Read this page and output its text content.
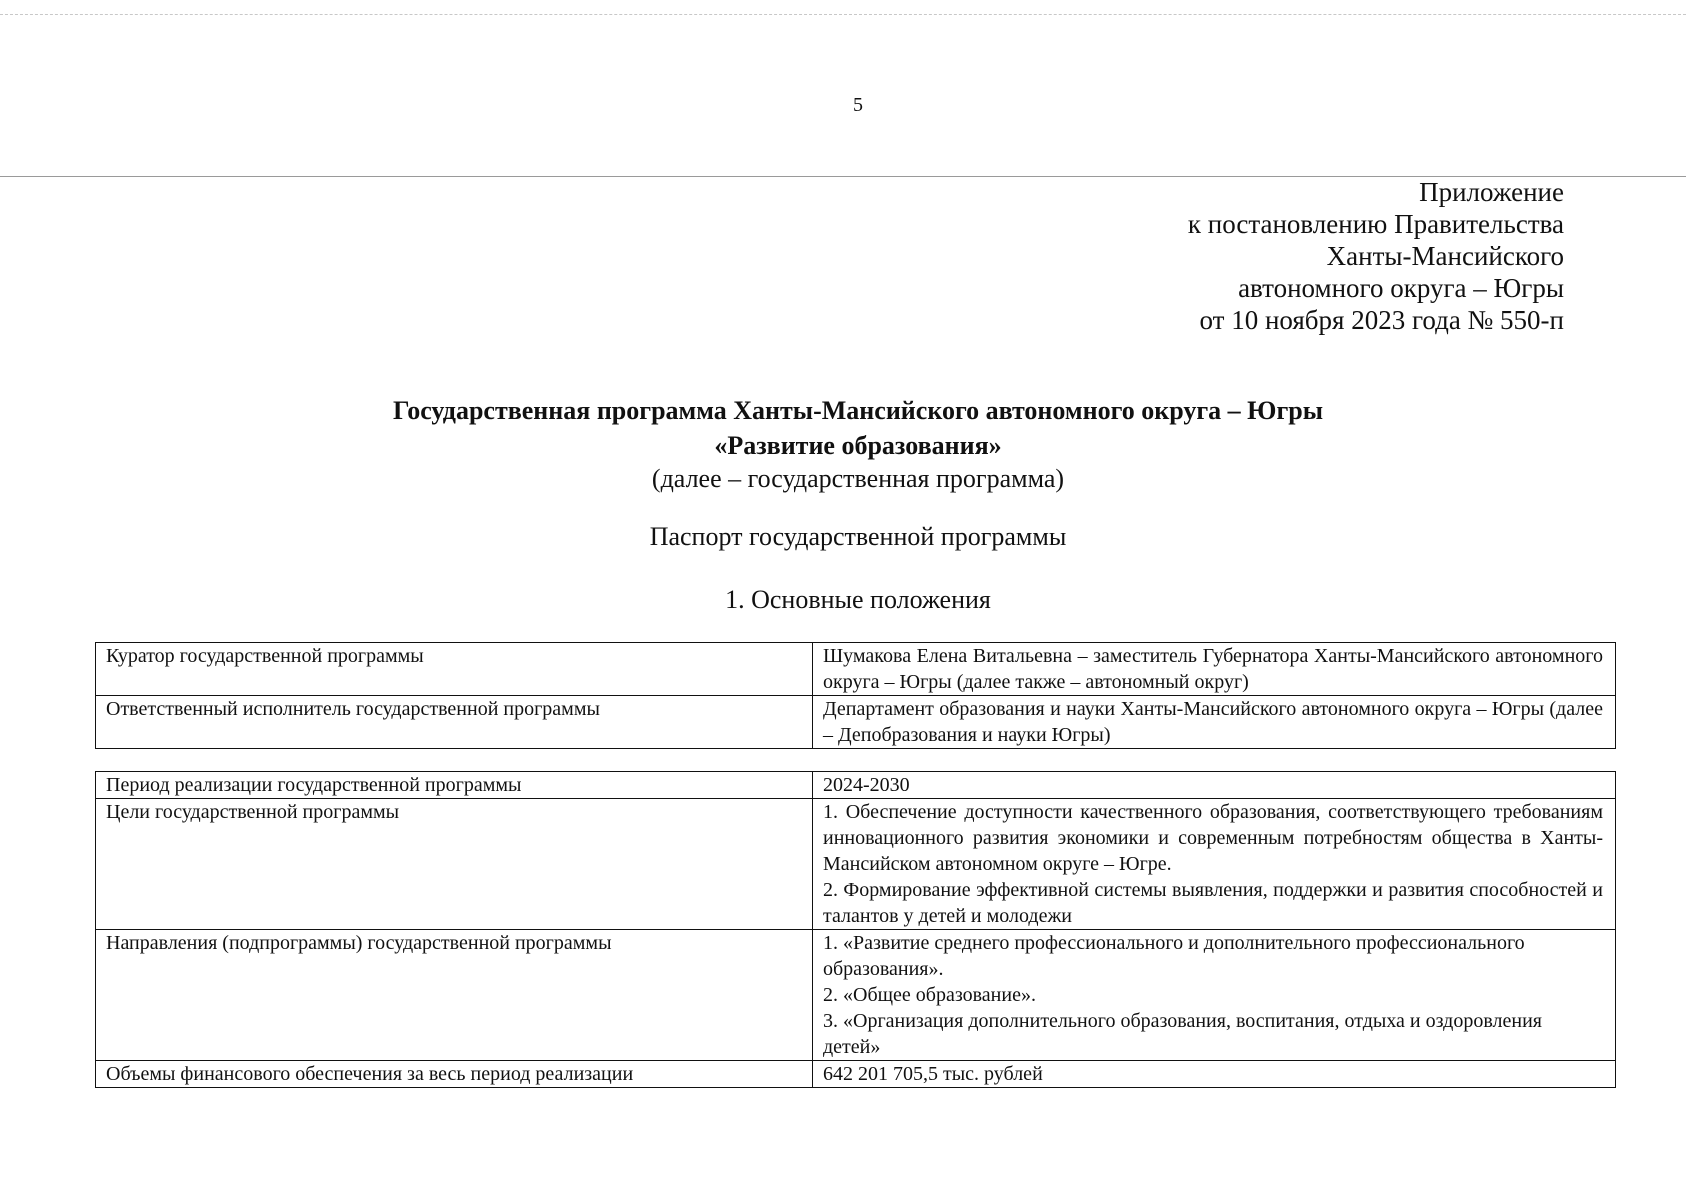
5
Приложение
к постановлению Правительства
Ханты-Мансийского
автономного округа – Югры
от 10 ноября 2023 года № 550-п
Государственная программа Ханты-Мансийского автономного округа – Югры
«Развитие образования»
(далее – государственная программа)
Паспорт государственной программы
1. Основные положения
Куратор государственной программы	Шумакова Елена Витальевна – заместитель Губернатора Ханты-Мансийского автономного округа – Югры (далее также – автономный округ)
Ответственный исполнитель государственной программы	Департамент образования и науки Ханты-Мансийского автономного округа – Югры (далее – Депобразования и науки Югры)
Период реализации государственной программы	2024-2030
Цели государственной программы	1. Обеспечение доступности качественного образования, соответствующего требованиям инновационного развития экономики и современным потребностям общества в Ханты-Мансийском автономном округе – Югре.
2. Формирование эффективной системы выявления, поддержки и развития способностей и талантов у детей и молодежи

Направления (подпрограммы) государственной программы	1. «Развитие среднего профессионального и дополнительного профессионального образования».
2. «Общее образование».
3. «Организация дополнительного образования, воспитания, отдыха и оздоровления детей»

Объемы финансового обеспечения за весь период реализации	642 201 705,5 тыс. рублей
